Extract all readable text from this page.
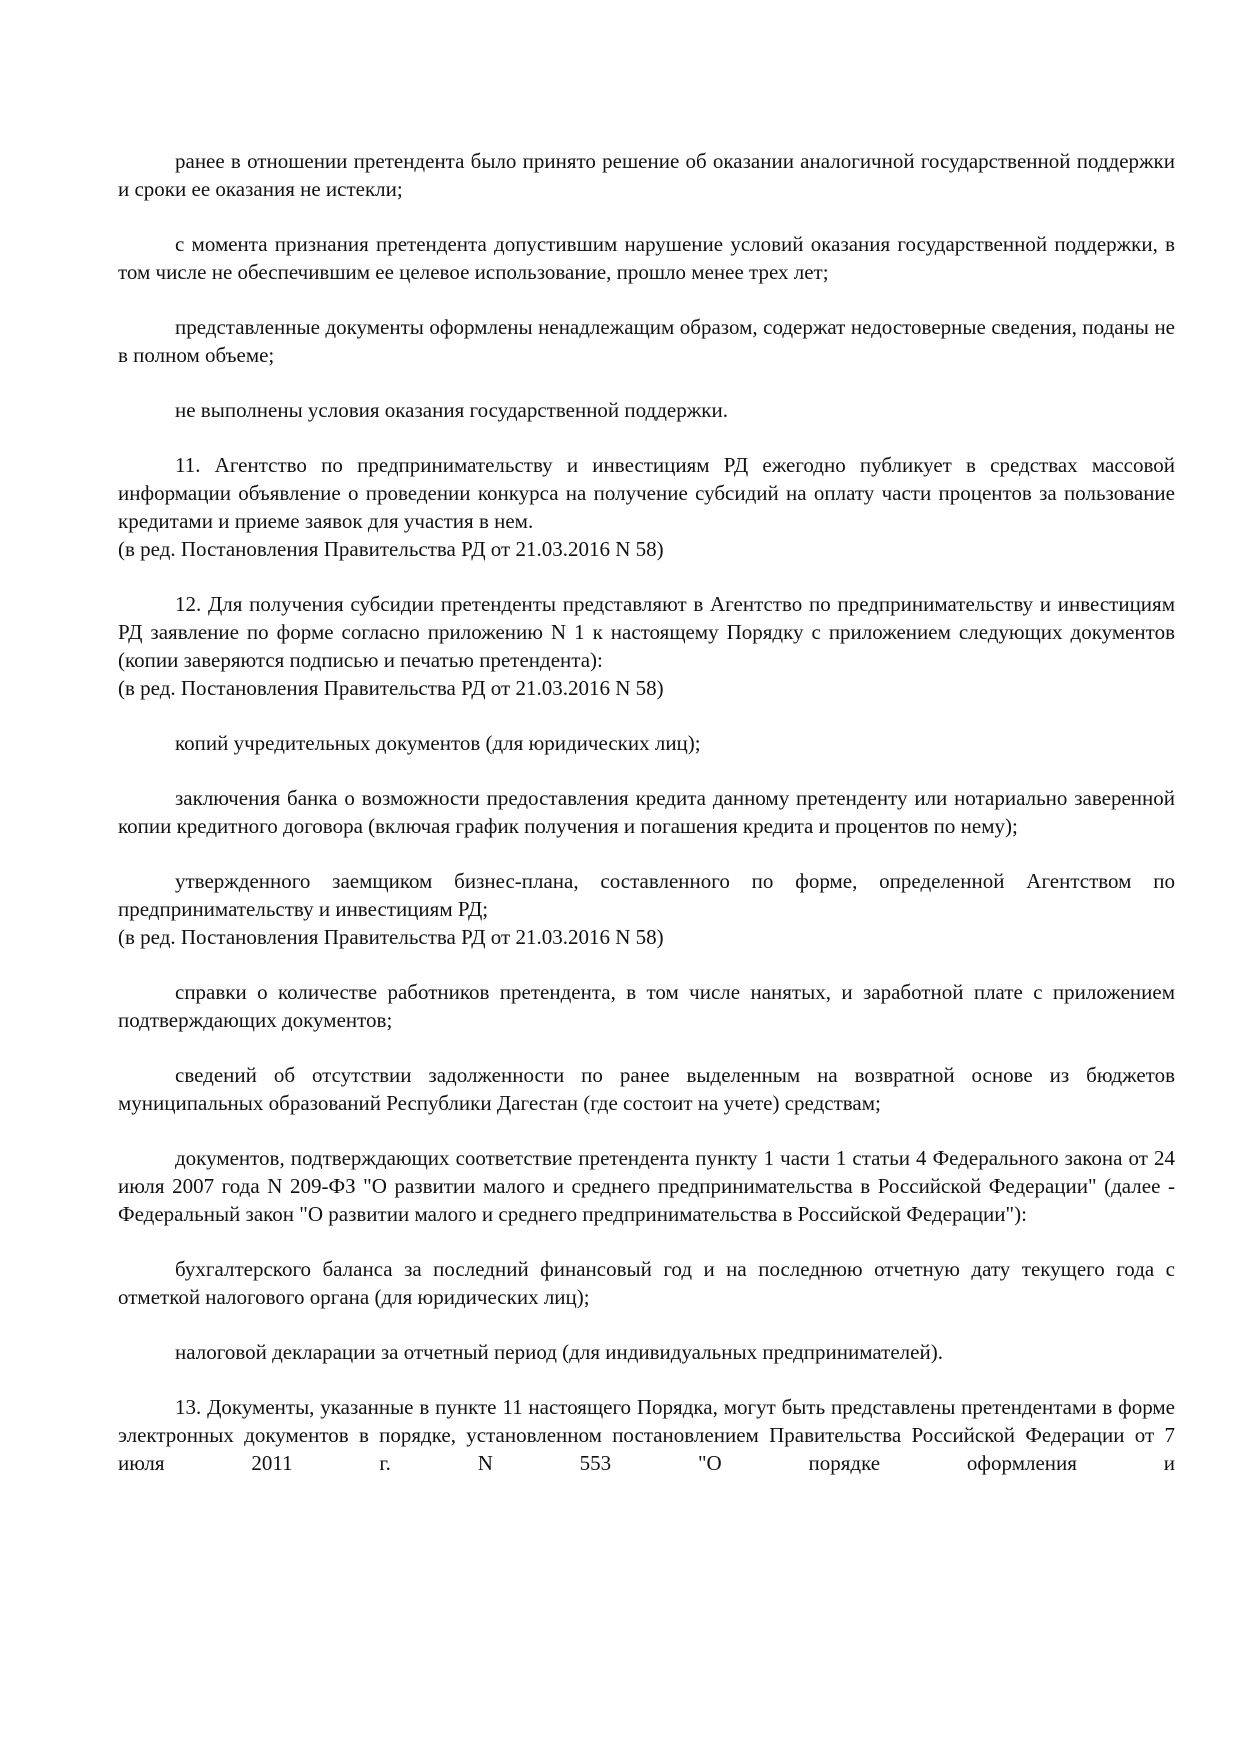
ранее в отношении претендента было принято решение об оказании аналогичной государственной поддержки и сроки ее оказания не истекли;

с момента признания претендента допустившим нарушение условий оказания государственной поддержки, в том числе не обеспечившим ее целевое использование, прошло менее трех лет;

представленные документы оформлены ненадлежащим образом, содержат недостоверные сведения, поданы не в полном объеме;

не выполнены условия оказания государственной поддержки.

11. Агентство по предпринимательству и инвестициям РД ежегодно публикует в средствах массовой информации объявление о проведении конкурса на получение субсидий на оплату части процентов за пользование кредитами и приеме заявок для участия в нем.

(в ред. Постановления Правительства РД от 21.03.2016 N 58)

12. Для получения субсидии претенденты представляют в Агентство по предпринимательству и инвестициям РД заявление по форме согласно приложению N 1 к настоящему Порядку с приложением следующих документов (копии заверяются подписью и печатью претендента):

(в ред. Постановления Правительства РД от 21.03.2016 N 58)

копий учредительных документов (для юридических лиц);

заключения банка о возможности предоставления кредита данному претенденту или нотариально заверенной копии кредитного договора (включая график получения и погашения кредита и процентов по нему);

утвержденного заемщиком бизнес-плана, составленного по форме, определенной Агентством по предпринимательству и инвестициям РД;

(в ред. Постановления Правительства РД от 21.03.2016 N 58)

справки о количестве работников претендента, в том числе нанятых, и заработной плате с приложением подтверждающих документов;

сведений об отсутствии задолженности по ранее выделенным на возвратной основе из бюджетов муниципальных образований Республики Дагестан (где состоит на учете) средствам;

документов, подтверждающих соответствие претендента пункту 1 части 1 статьи 4 Федерального закона от 24 июля 2007 года N 209-ФЗ "О развитии малого и среднего предпринимательства в Российской Федерации" (далее - Федеральный закон "О развитии малого и среднего предпринимательства в Российской Федерации"):

бухгалтерского баланса за последний финансовый год и на последнюю отчетную дату текущего года с отметкой налогового органа (для юридических лиц);

налоговой декларации за отчетный период (для индивидуальных предпринимателей).

13. Документы, указанные в пункте 11 настоящего Порядка, могут быть представлены претендентами в форме электронных документов в порядке, установленном постановлением Правительства Российской Федерации от 7 июля 2011 г. N 553 "О порядке оформления и
